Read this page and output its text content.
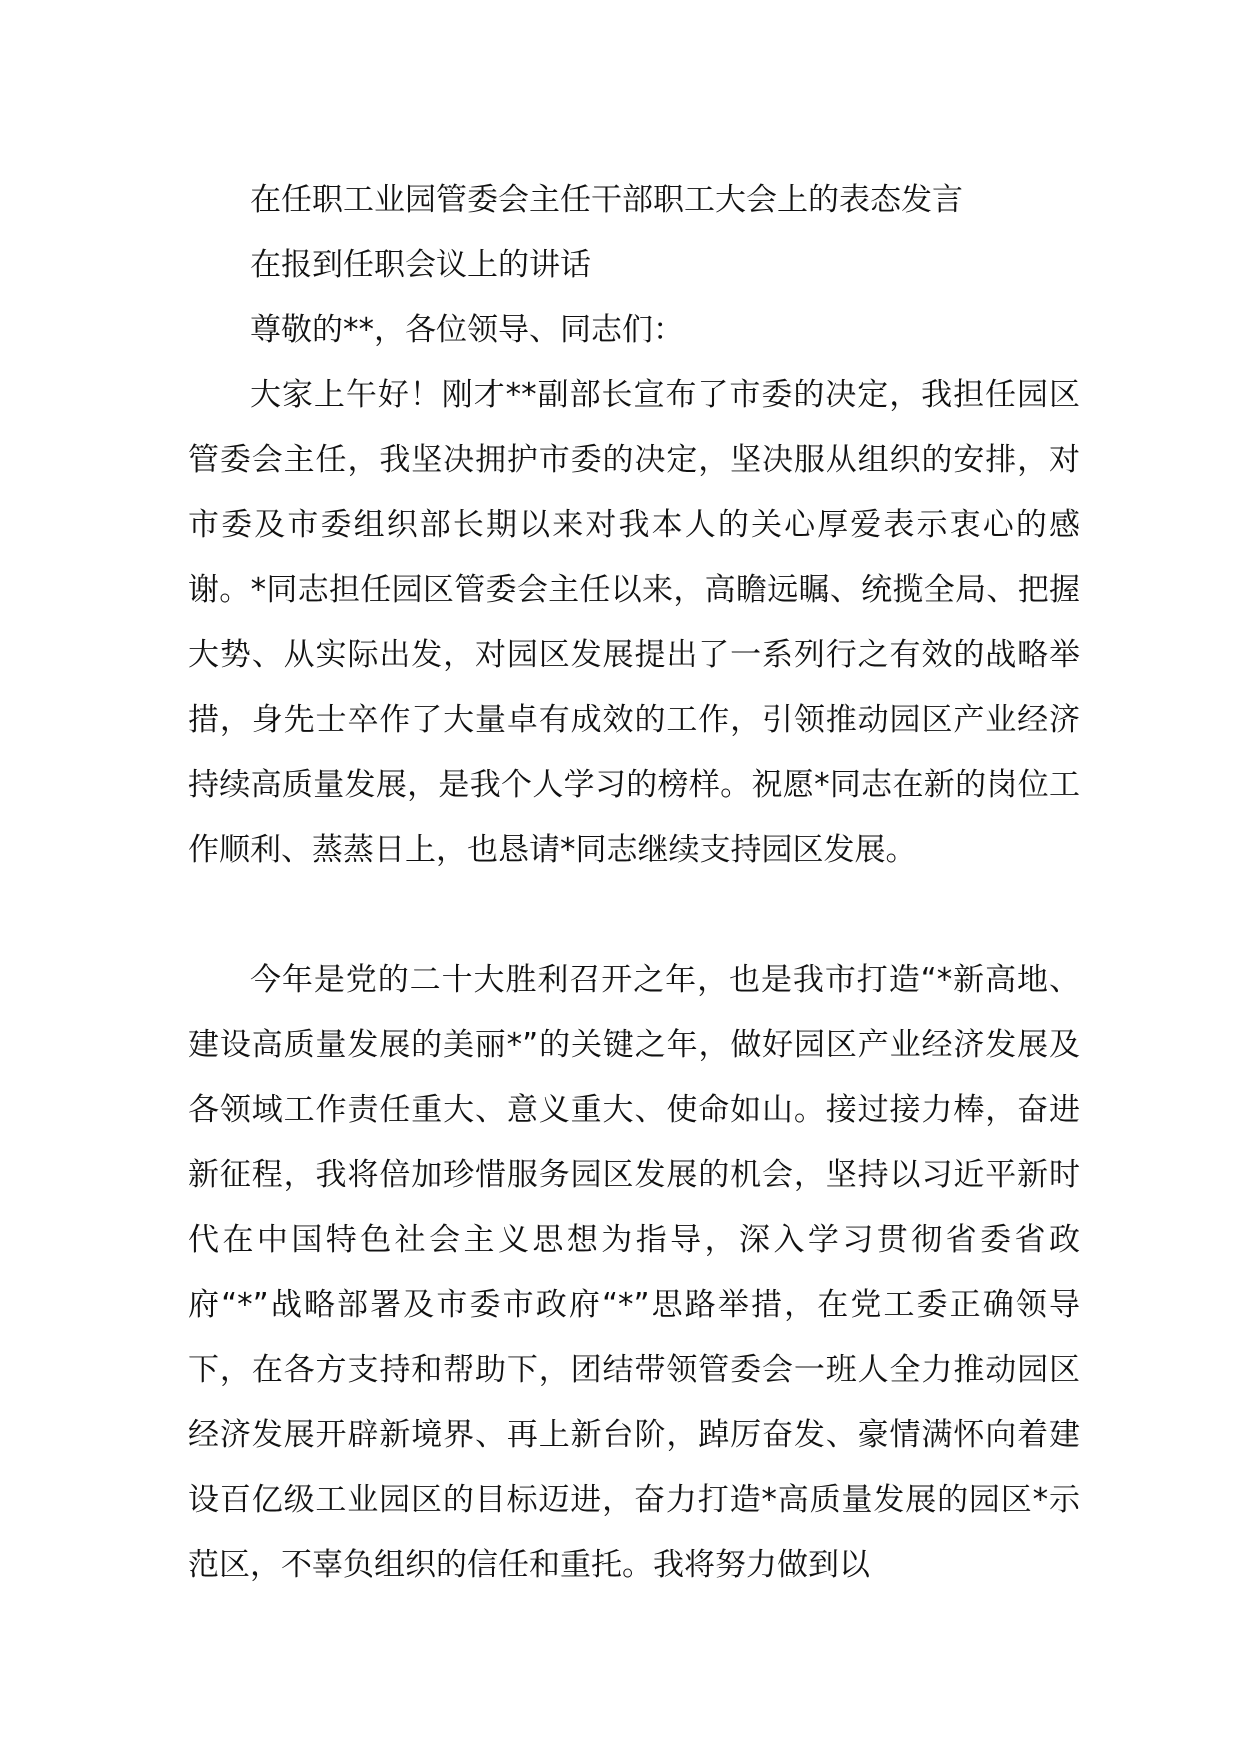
在任职工业园管委会主任干部职工大会上的表态发言

在报到任职会议上的讲话

尊敬的**，各位领导、同志们：

大家上午好！刚才**副部长宣布了市委的决定，我担任园区管委会主任，我坚决拥护市委的决定，坚决服从组织的安排，对市委及市委组织部长期以来对我本人的关心厚爱表示衷心的感谢。*同志担任园区管委会主任以来，高瞻远瞩、统揽全局、把握大势、从实际出发，对园区发展提出了一系列行之有效的战略举措，身先士卒作了大量卓有成效的工作，引领推动园区产业经济持续高质量发展，是我个人学习的榜样。祝愿*同志在新的岗位工作顺利、蒸蒸日上，也恳请*同志继续支持园区发展。

今年是党的二十大胜利召开之年，也是我市打造“*新高地、建设高质量发展的美丽*”的关键之年，做好园区产业经济发展及各领域工作责任重大、意义重大、使命如山。接过接力棒，奋进新征程，我将倍加珍惜服务园区发展的机会，坚持以习近平新时代在中国特色社会主义思想为指导，深入学习贯彻省委省政府“*”战略部署及市委市政府“*”思路举措，在党工委正确领导下，在各方支持和帮助下，团结带领管委会一班人全力推动园区经济发展开辟新境界、再上新台阶，踔厉奋发、豪情满怀向着建设百亿级工业园区的目标迈进，奋力打造*高质量发展的园区*示范区，不辜负组织的信任和重托。我将努力做到以
